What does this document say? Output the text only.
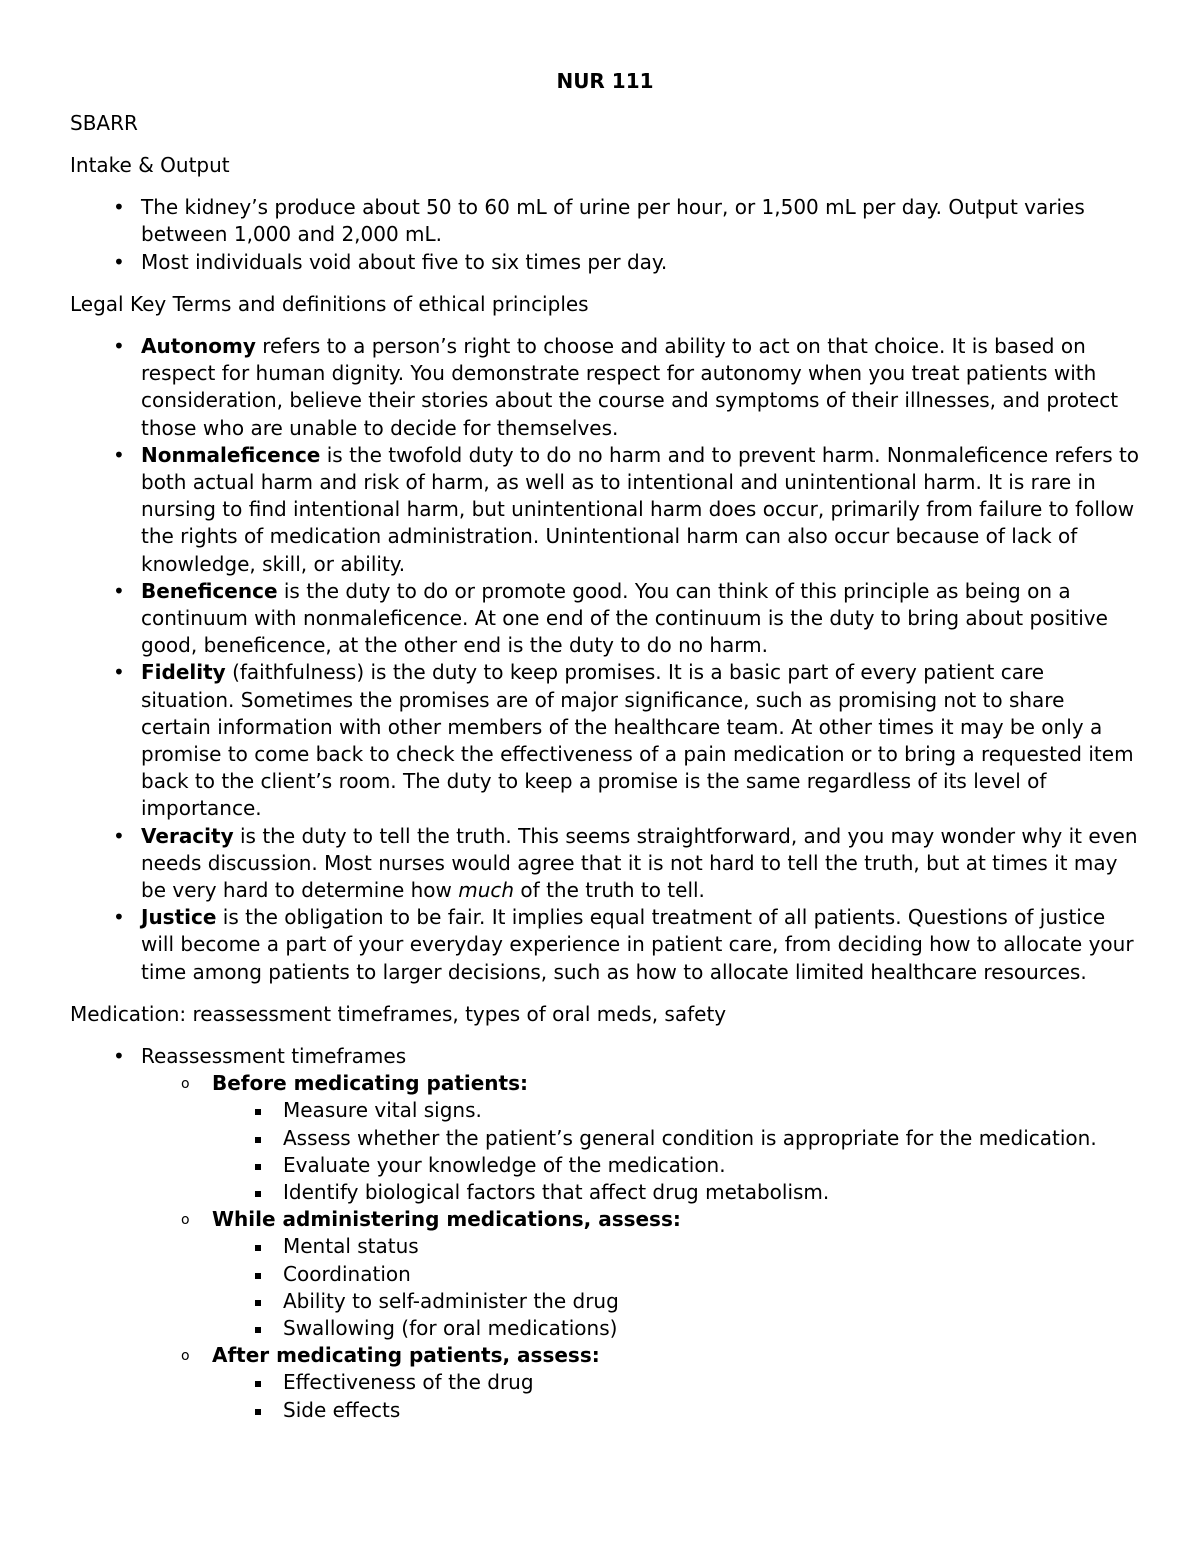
NUR 111
SBARR
Intake & Output
• The kidney’s produce about 50 to 60 mL of urine per hour, or 1,500 mL per day. Output varies between 1,000 and 2,000 mL.
• Most individuals void about five to six times per day.
Legal Key Terms and definitions of ethical principles
• Autonomy refers to a person’s right to choose and ability to act on that choice. It is based on respect for human dignity. You demonstrate respect for autonomy when you treat patients with consideration, believe their stories about the course and symptoms of their illnesses, and protect those who are unable to decide for themselves.
• Nonmaleficence is the twofold duty to do no harm and to prevent harm. Nonmaleficence refers to both actual harm and risk of harm, as well as to intentional and unintentional harm. It is rare in nursing to find intentional harm, but unintentional harm does occur, primarily from failure to follow the rights of medication administration. Unintentional harm can also occur because of lack of knowledge, skill, or ability.
• Beneficence is the duty to do or promote good. You can think of this principle as being on a continuum with nonmaleficence. At one end of the continuum is the duty to bring about positive good, beneficence, at the other end is the duty to do no harm.
• Fidelity (faithfulness) is the duty to keep promises. It is a basic part of every patient care situation. Sometimes the promises are of major significance, such as promising not to share certain information with other members of the healthcare team. At other times it may be only a promise to come back to check the effectiveness of a pain medication or to bring a requested item back to the client’s room. The duty to keep a promise is the same regardless of its level of importance.
• Veracity is the duty to tell the truth. This seems straightforward, and you may wonder why it even needs discussion. Most nurses would agree that it is not hard to tell the truth, but at times it may be very hard to determine how much of the truth to tell.
• Justice is the obligation to be fair. It implies equal treatment of all patients. Questions of justice will become a part of your everyday experience in patient care, from deciding how to allocate your time among patients to larger decisions, such as how to allocate limited healthcare resources.
Medication: reassessment timeframes, types of oral meds, safety
• Reassessment timeframes
o Before medicating patients:
Measure vital signs.
Assess whether the patient’s general condition is appropriate for the medication.
Evaluate your knowledge of the medication.
Identify biological factors that affect drug metabolism.
o While administering medications, assess:
Mental status
Coordination
Ability to self-administer the drug
Swallowing (for oral medications)
o After medicating patients, assess:
Effectiveness of the drug
Side effects
